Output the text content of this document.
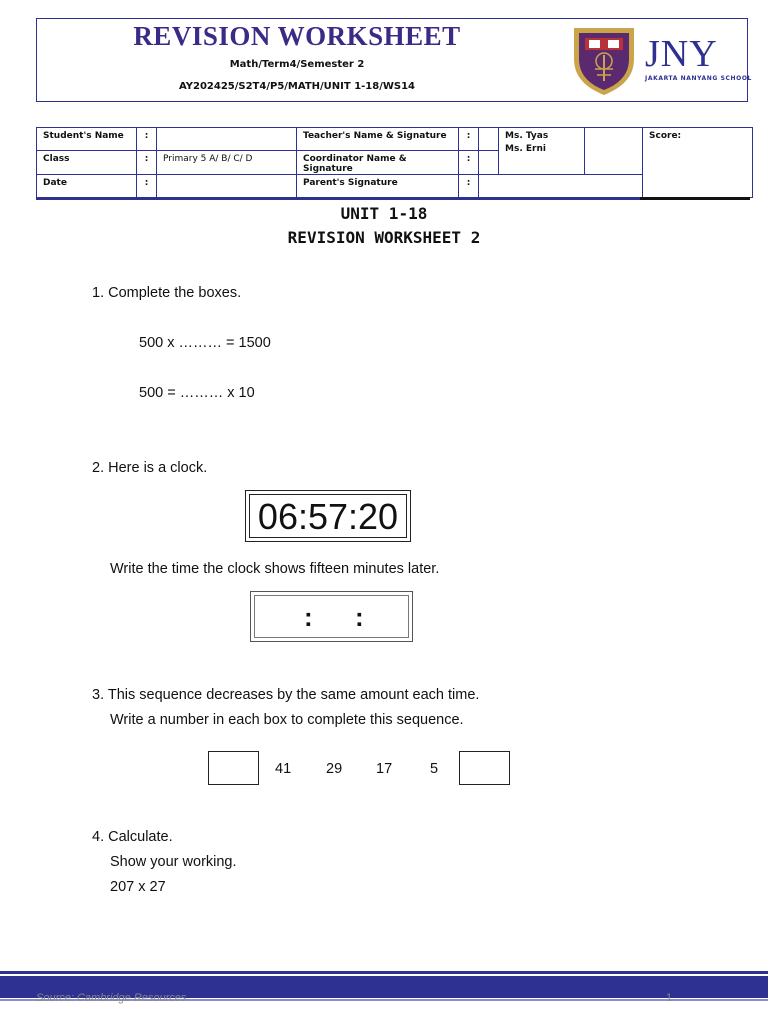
REVISION WORKSHEET
Math/Term4/Semester 2
AY202425/S2T4/P5/MATH/UNIT 1-18/WS14
JNY
JAKARTA NANYANG SCHOOL
Student's Name	:		Teacher's Name & Signature	:		Ms. Tyas
Ms. Erni		Score:
Class	:	Primary 5 A/ B/ C/ D	Coordinator Name & Signature	:				
Date	:		Parent's Signature	:				
UNIT 1-18
REVISION WORKSHEET 2
1. Complete the boxes.
500 x ……… = 1500
500 = ……… x 10
2. Here is a clock.
06:57:20
Write the time the clock shows fifteen minutes later.
: :
3. This sequence decreases by the same amount each time.
Write a number in each box to complete this sequence.
41 29 17	5
4. Calculate.
Show your working.
207 x 27
Source: Cambridge Resources	1
